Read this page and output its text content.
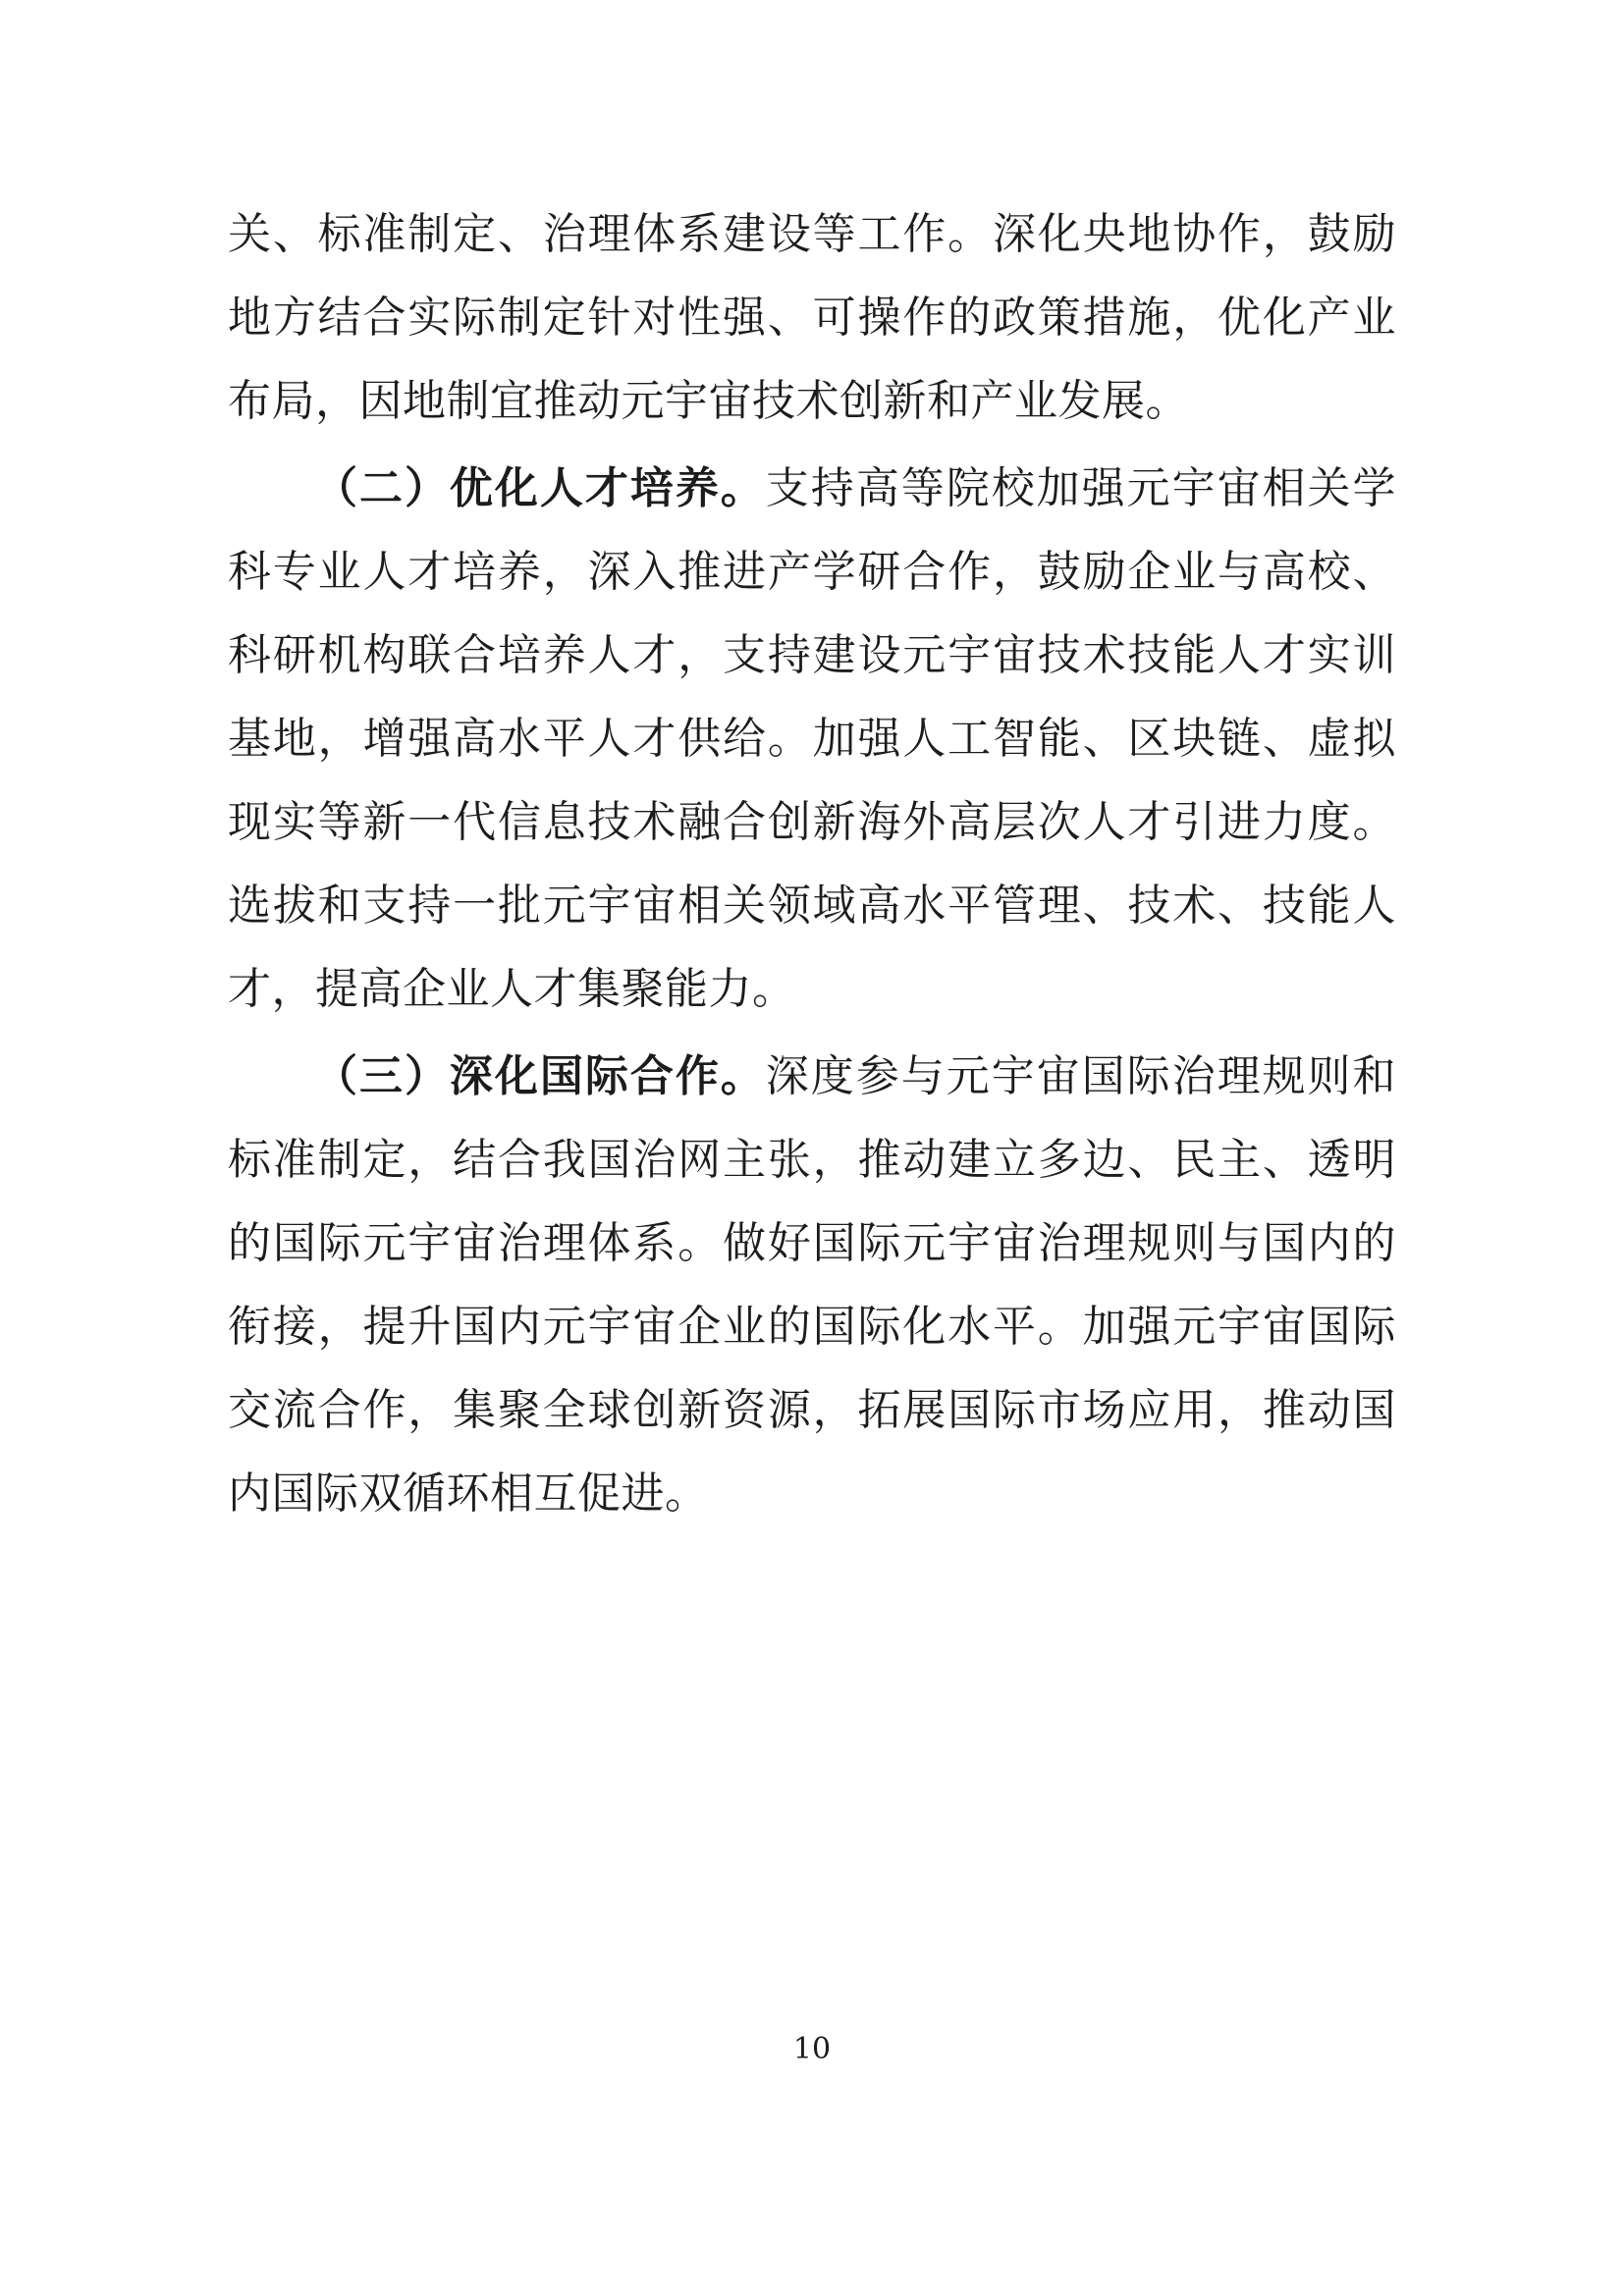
关、标准制定、治理体系建设等工作。深化央地协作，鼓励地方结合实际制定针对性强、可操作的政策措施，优化产业布局，因地制宜推动元宇宙技术创新和产业发展。

（二）优化人才培养。支持高等院校加强元宇宙相关学科专业人才培养，深入推进产学研合作，鼓励企业与高校、科研机构联合培养人才，支持建设元宇宙技术技能人才实训基地，增强高水平人才供给。加强人工智能、区块链、虚拟现实等新一代信息技术融合创新海外高层次人才引进力度。选拔和支持一批元宇宙相关领域高水平管理、技术、技能人才，提高企业人才集聚能力。

（三）深化国际合作。深度参与元宇宙国际治理规则和标准制定，结合我国治网主张，推动建立多边、民主、透明的国际元宇宙治理体系。做好国际元宇宙治理规则与国内的衔接，提升国内元宇宙企业的国际化水平。加强元宇宙国际交流合作，集聚全球创新资源，拓展国际市场应用，推动国内国际双循环相互促进。

10
